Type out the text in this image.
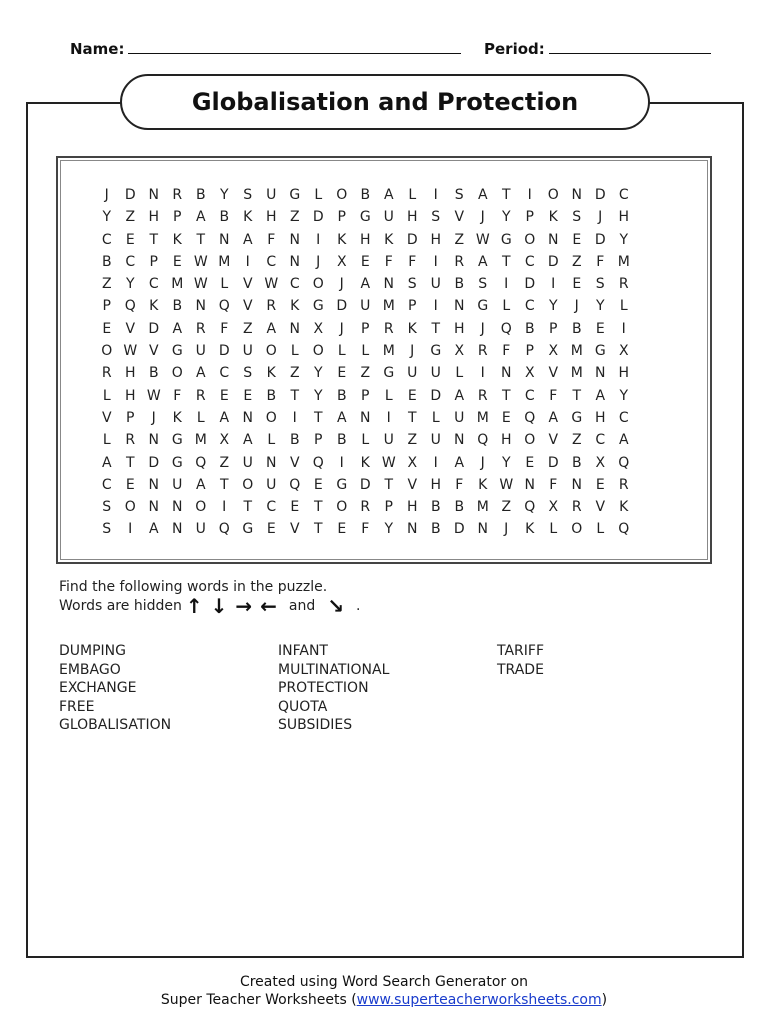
Name:	Period:
Globalisation and Protection
J	D N R B	Y	S U G	L	O B A	L	I	S	A	T	I	O N D C
Y	Z H	P	A B	K H Z D P G U H S	V	J	Y	P	K	S	J	H
C	E	T	K	T N A	F	N	I	K H K D H Z W G O N E D Y
B C	P	E W M	I	C N	J	X	E	F	F	I	R A	T	C D Z	F M
Z	Y	C M W L	V W C O	J	A N S U B	S	I	D	I	E	S	R
P Q K	B N Q V R	K G D U M P	I	N G	L	C	Y	J	Y	L
E	V D A R	F	Z A N X	J	P	R	K	T H	J	Q B	P	B	E	I
O W V G U D U O	L	O	L	L M	J	G X R	F	P	X M G X
R H B O A C	S	K	Z	Y	E	Z G U U	L	I	N X V M N H
L	H W F	R	E	E	B	T	Y	B	P	L	E D A R	T	C	F	T	A	Y
V	P	J	K	L	A N O	I	T	A N	I	T	L	U M E Q A G H C
L	R N G M X A	L	B	P	B	L	U Z U N Q H O V Z C A
A	T D G Q Z U N V Q	I	K W X	I	A	J	Y	E D B X Q
C	E N U A	T O U Q E G D T	V H	F	K W N	F	N E	R
S O N N O	I	T	C	E	T O R	P	H B B M Z Q X R V	K
S	I	A N U Q G E	V	T	E	F	Y N B D N	J	K	L	O	L	Q
Find the following words in the puzzle.
Words are hidden ↑ ↓ → ← and ↘ .
DUMPING
EMBAGO
EXCHANGE
FREE
GLOBALISATION
INFANT
MULTINATIONAL
PROTECTION
QUOTA
SUBSIDIES
TARIFF
TRADE
Created using Word Search Generator on
Super Teacher Worksheets (www.superteacherworksheets.com)
